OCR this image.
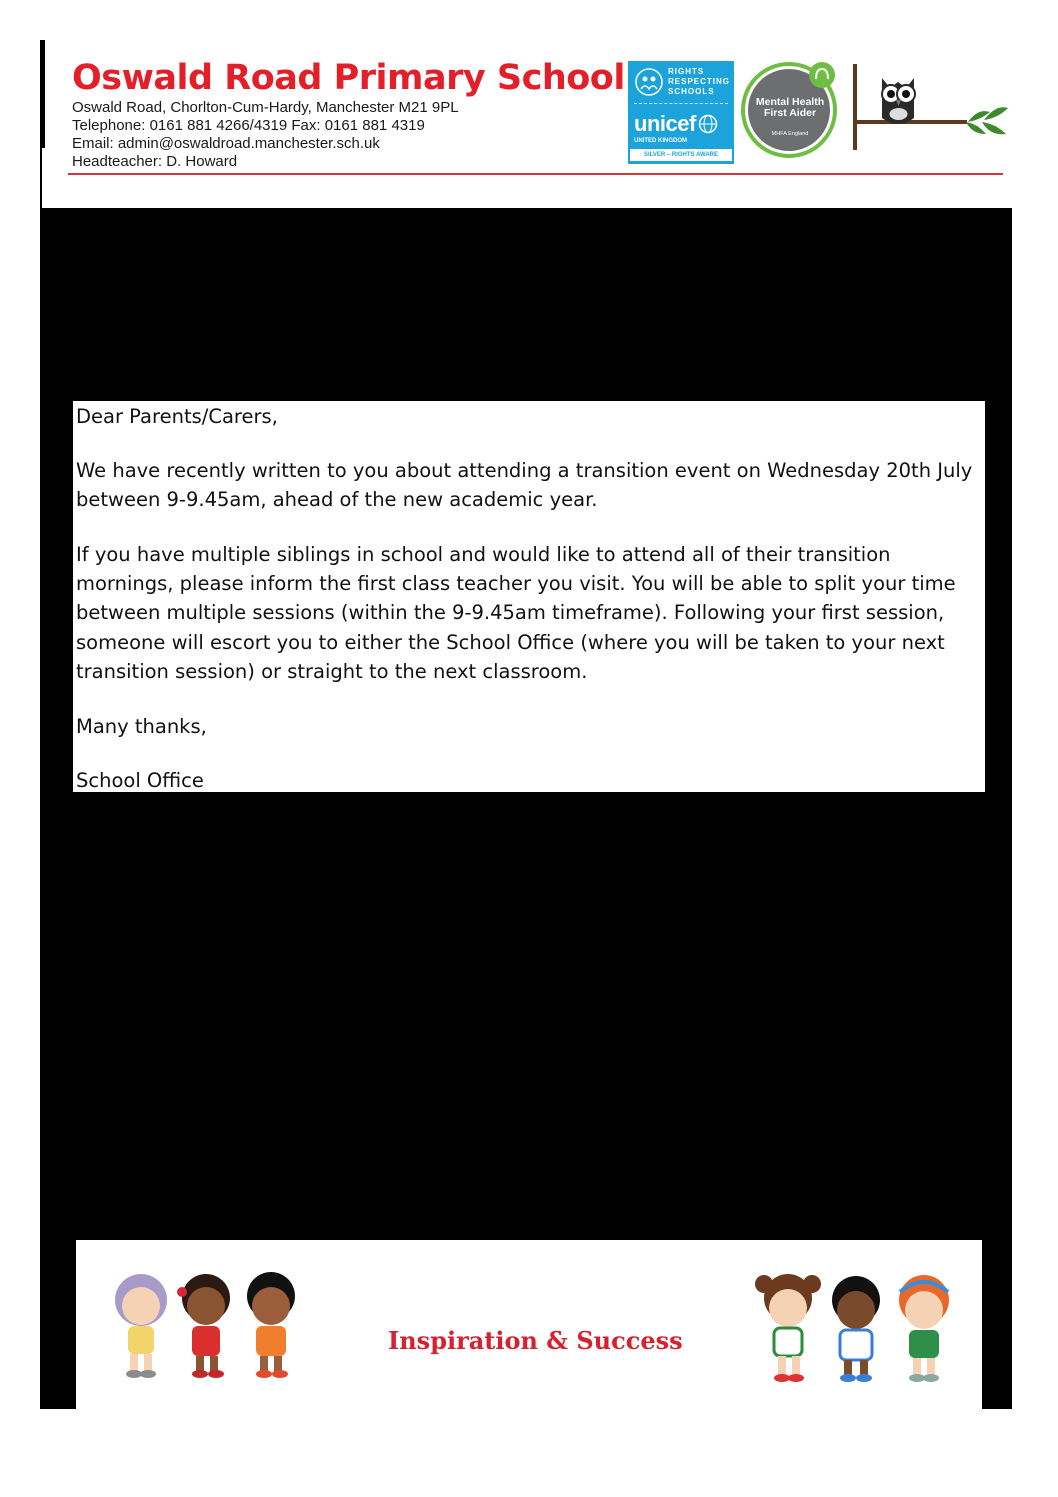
Oswald Road Primary School
Oswald Road, Chorlton-Cum-Hardy, Manchester M21 9PL
Telephone: 0161 881 4266/4319 Fax: 0161 881 4319
Email: admin@oswaldroad.manchester.sch.uk
Headteacher: D. Howard
RIGHTS
RESPECTING
SCHOOLS
unicef
UNITED KINGDOM
SILVER – RIGHTS AWARE
Mental Health
First Aider
MHFA England

Dear Parents/Carers,

We have recently written to you about attending a transition event on Wednesday 20th July between 9-9.45am, ahead of the new academic year.

If you have multiple siblings in school and would like to attend all of their transition mornings, please inform the first class teacher you visit. You will be able to split your time between multiple sessions (within the 9-9.45am timeframe). Following your first session, someone will escort you to either the School Office (where you will be taken to your next transition session) or straight to the next classroom.

Many thanks,

School Office

Inspiration & Success
